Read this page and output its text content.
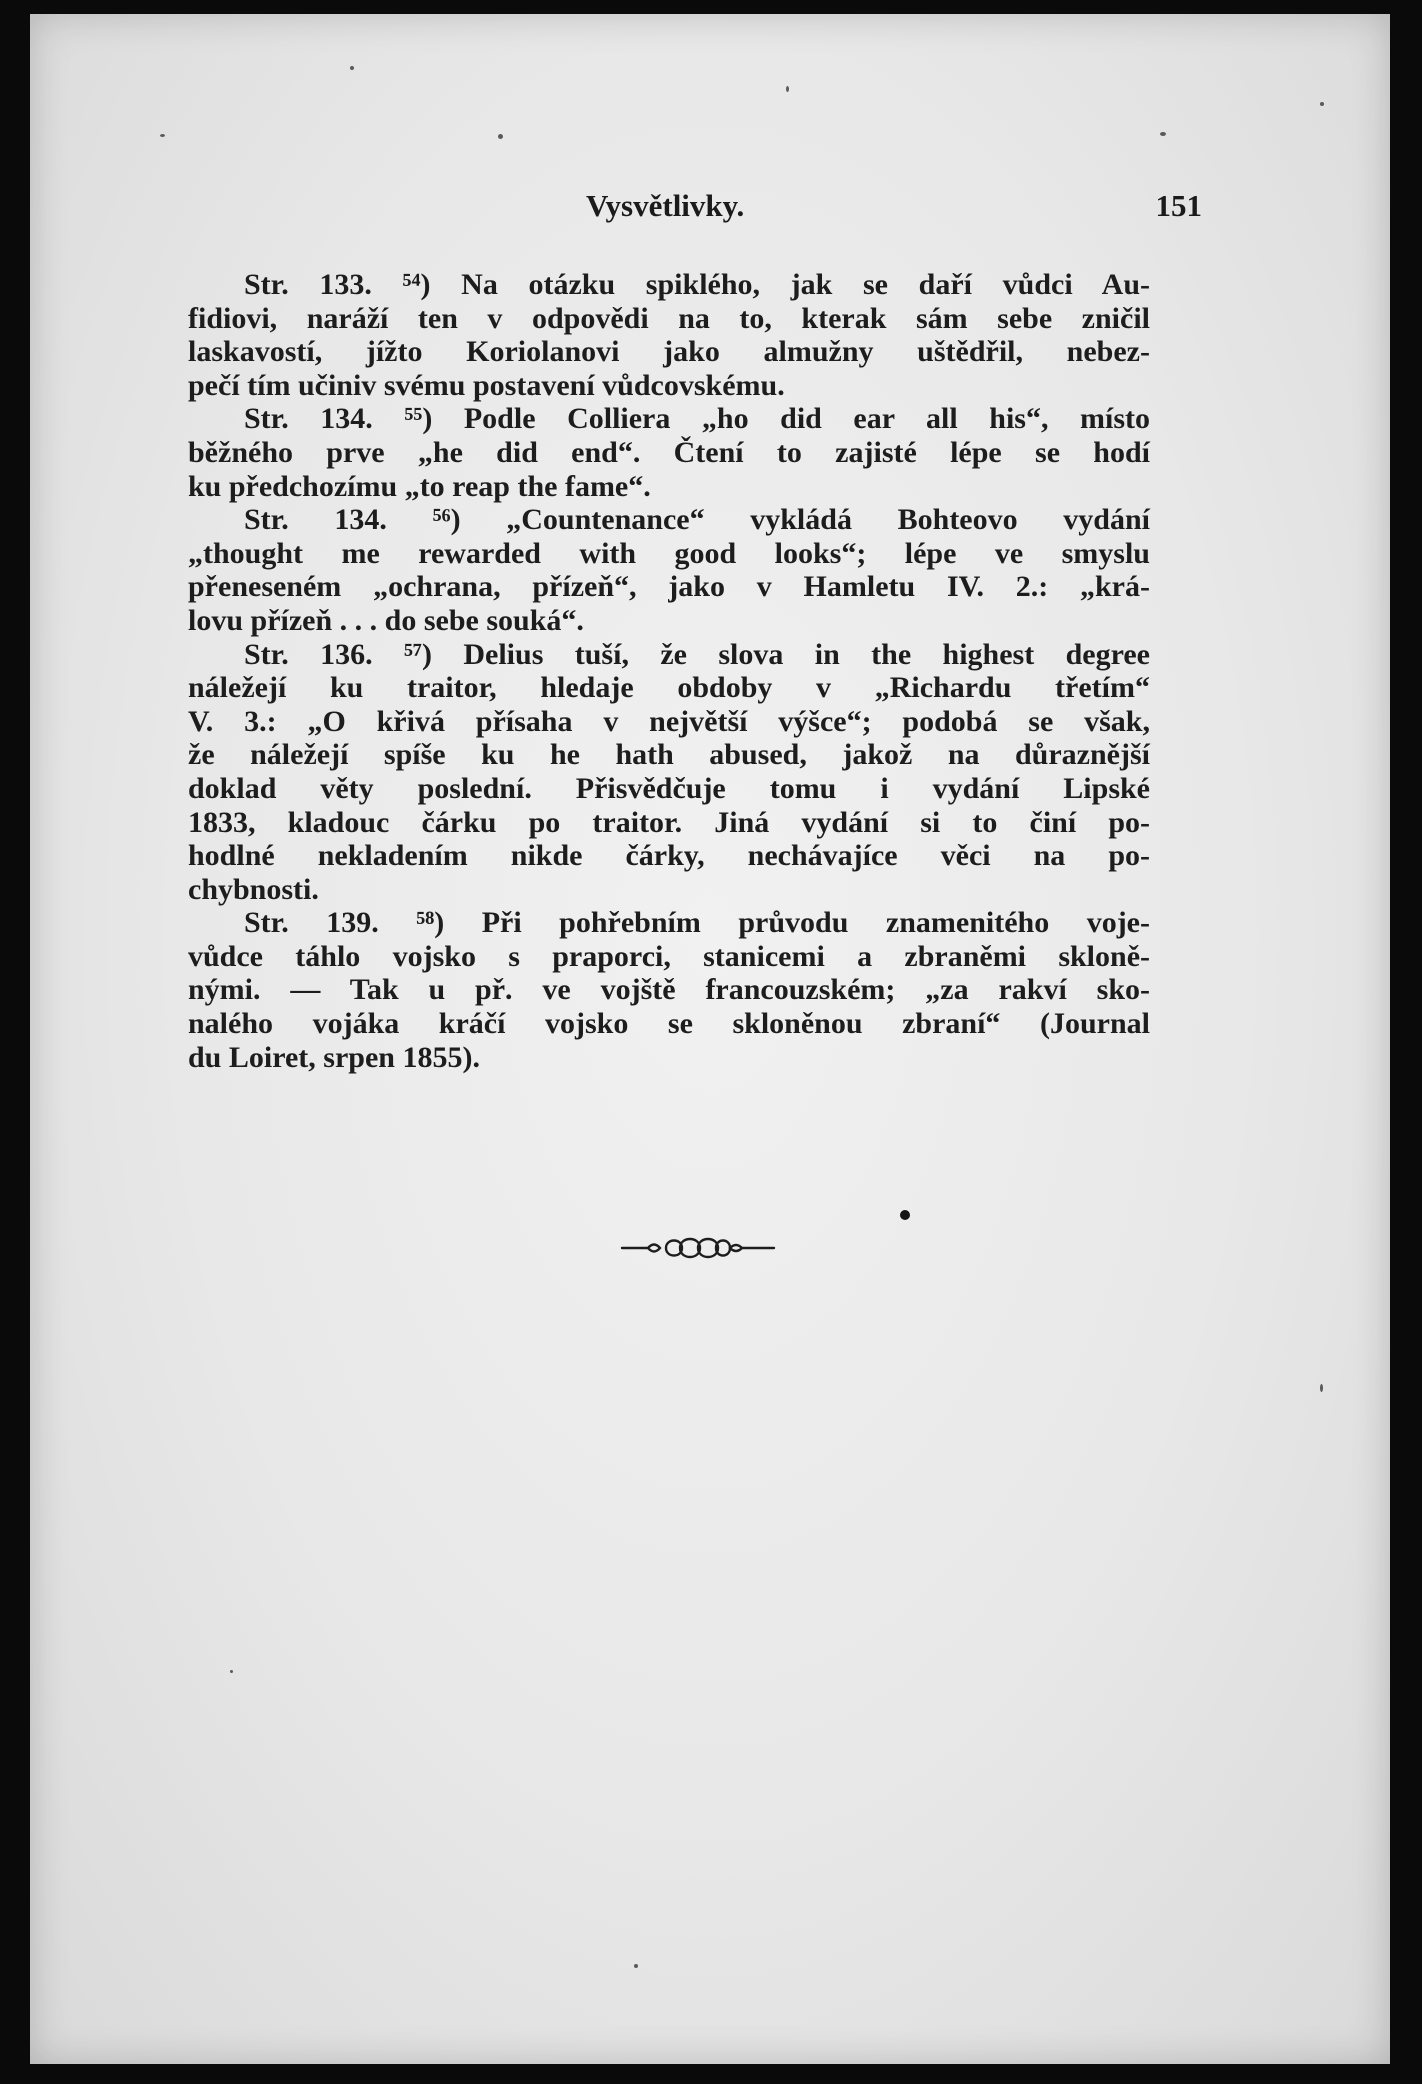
Vysvětlivky.	151
Str. 133. ⁵⁴) Na otázku spiklého, jak se daří vůdci Au-
fidiovi, naráží ten v odpovědi na to, kterak sám sebe zničil
laskavostí, jížto Koriolanovi jako almužny uštědřil, nebez-
pečí tím učiniv svému postavení vůdcovskému.
Str. 134. ⁵⁵) Podle Colliera „ho did ear all his“, místo
běžného prve „he did end“. Čtení to zajisté lépe se hodí
ku předchozímu „to reap the fame“.
Str. 134. ⁵⁶) „Countenance“ vykládá Bohteovo vydání
„thought me rewarded with good looks“; lépe ve smyslu
přeneseném „ochrana, přízeň“, jako v Hamletu IV. 2.: „krá-
lovu přízeň . . . do sebe souká“.
Str. 136. ⁵⁷) Delius tuší, že slova in the highest degree
náležejí ku traitor, hledaje obdoby v „Richardu třetím“
V. 3.: „O křivá přísaha v největší výšce“; podobá se však,
že náležejí spíše ku he hath abused, jakož na důraznější
doklad věty poslední. Přisvědčuje tomu i vydání Lipské
1833, kladouc čárku po traitor. Jiná vydání si to činí po-
hodlné nekladením nikde čárky, nechávajíce věci na po-
chybnosti.
Str. 139. ⁵⁸) Při pohřebním průvodu znamenitého voje-
vůdce táhlo vojsko s praporci, stanicemi a zbraněmi skloně-
nými. — Tak u př. ve vojště francouzském; „za rakví sko-
nalého vojáka kráčí vojsko se skloněnou zbraní“ (Journal
du Loiret, srpen 1855).
